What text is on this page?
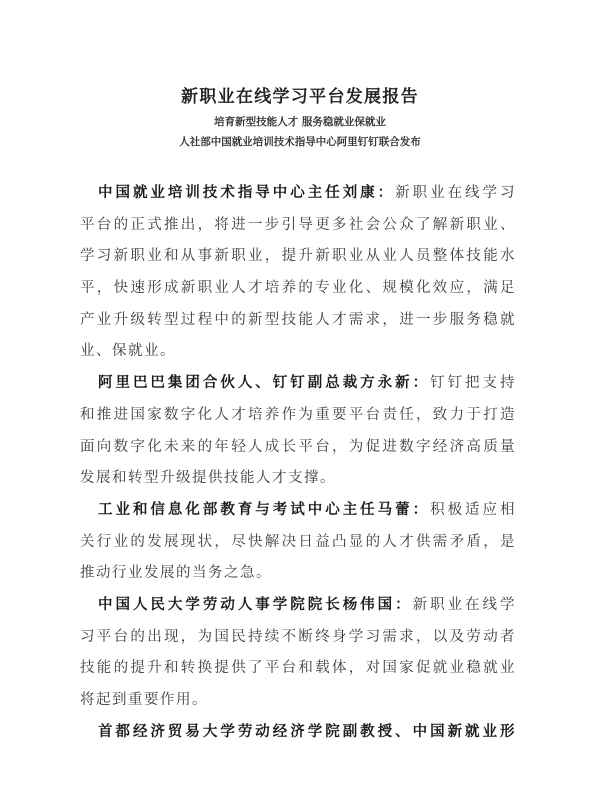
新职业在线学习平台发展报告
培育新型技能人才 服务稳就业保就业
人社部中国就业培训技术指导中心阿里钉钉联合发布
中国就业培训技术指导中心主任刘康：新职业在线学习
平台的正式推出，将进一步引导更多社会公众了解新职业、
学习新职业和从事新职业，提升新职业从业人员整体技能水
平，快速形成新职业人才培养的专业化、规模化效应，满足
产业升级转型过程中的新型技能人才需求，进一步服务稳就
业、保就业。
阿里巴巴集团合伙人、钉钉副总裁方永新：钉钉把支持
和推进国家数字化人才培养作为重要平台责任，致力于打造
面向数字化未来的年轻人成长平台，为促进数字经济高质量
发展和转型升级提供技能人才支撑。
工业和信息化部教育与考试中心主任马蕾：积极适应相
关行业的发展现状，尽快解决日益凸显的人才供需矛盾，是
推动行业发展的当务之急。
中国人民大学劳动人事学院院长杨伟国：新职业在线学
习平台的出现，为国民持续不断终身学习需求，以及劳动者
技能的提升和转换提供了平台和载体，对国家促就业稳就业
将起到重要作用。
首都经济贸易大学劳动经济学院副教授、中国新就业形
